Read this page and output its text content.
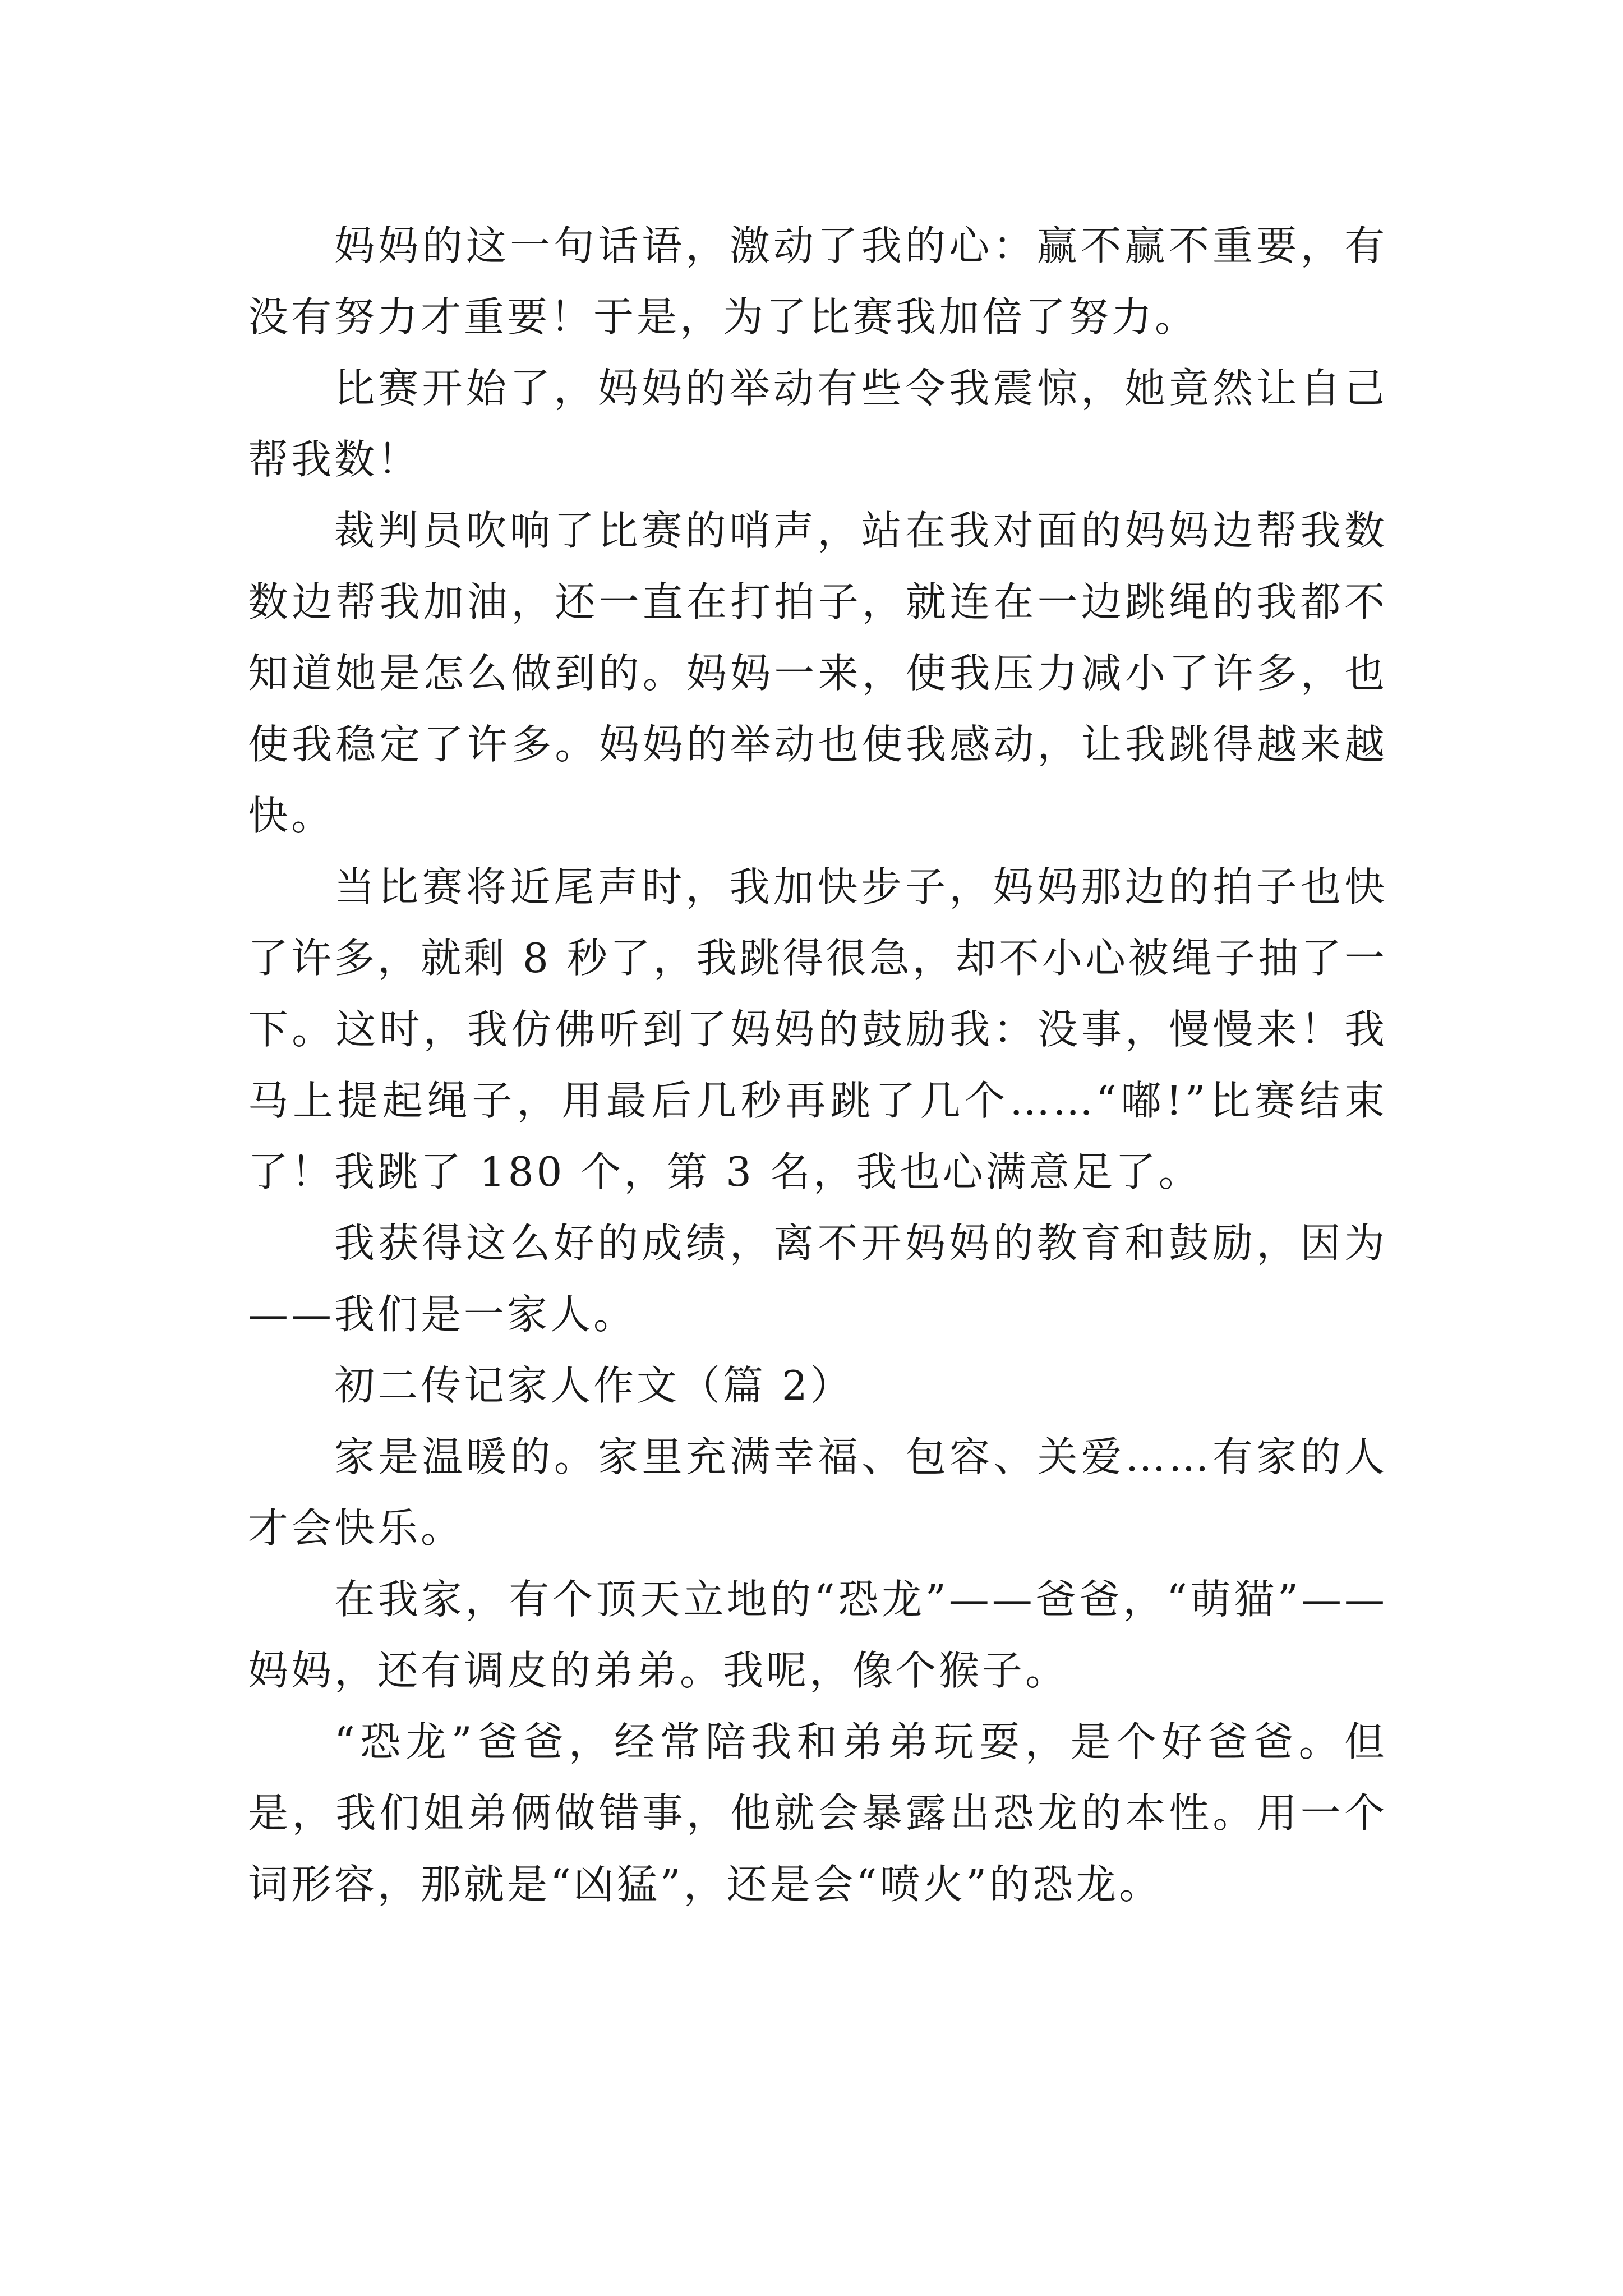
妈妈的这一句话语，激动了我的心：赢不赢不重要，有没有努力才重要！于是，为了比赛我加倍了努力。

比赛开始了，妈妈的举动有些令我震惊，她竟然让自己帮我数！

裁判员吹响了比赛的哨声，站在我对面的妈妈边帮我数数边帮我加油，还一直在打拍子，就连在一边跳绳的我都不知道她是怎么做到的。妈妈一来，使我压力减小了许多，也使我稳定了许多。妈妈的举动也使我感动，让我跳得越来越快。

当比赛将近尾声时，我加快步子，妈妈那边的拍子也快了许多，就剩 8 秒了，我跳得很急，却不小心被绳子抽了一下。这时，我仿佛听到了妈妈的鼓励我：没事，慢慢来！我马上提起绳子，用最后几秒再跳了几个……“嘟!”比赛结束了！我跳了 180 个，第 3 名，我也心满意足了。

我获得这么好的成绩，离不开妈妈的教育和鼓励，因为——我们是一家人。

初二传记家人作文（篇 2）

家是温暖的。家里充满幸福、包容、关爱……有家的人才会快乐。

在我家，有个顶天立地的“恐龙”——爸爸，“萌猫”——妈妈，还有调皮的弟弟。我呢，像个猴子。

“恐龙”爸爸，经常陪我和弟弟玩耍，是个好爸爸。但是，我们姐弟俩做错事，他就会暴露出恐龙的本性。用一个词形容，那就是“凶猛”，还是会“喷火”的恐龙。
